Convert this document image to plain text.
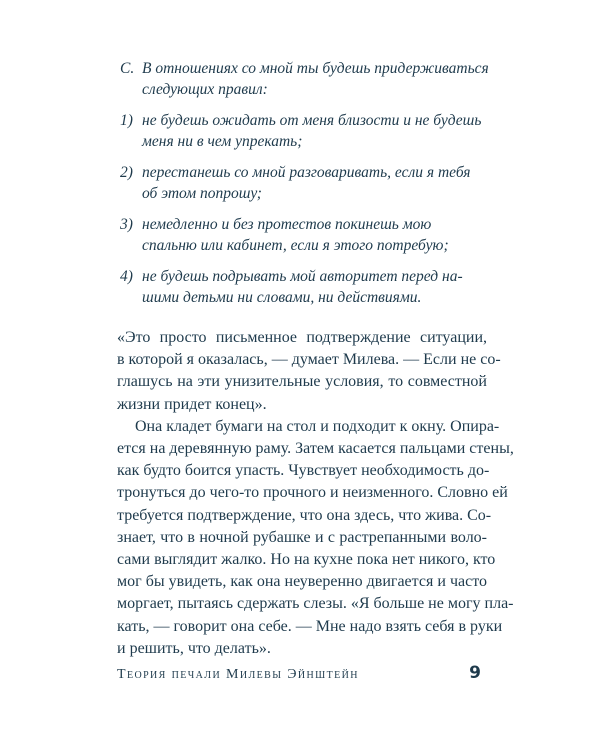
C. В отношениях со мной ты будешь придерживаться
следующих правил:
1) не будешь ожидать от меня близости и не будешь
меня ни в чем упрекать;
2) перестанешь со мной разговаривать, если я тебя
об этом попрошу;
3) немедленно и без протестов покинешь мою
спальню или кабинет, если я этого потребую;
4) не будешь подрывать мой авторитет перед на-
шими детьми ни словами, ни действиями.
«Это просто письменное подтверждение ситуации,
в которой я оказалась, — думает Милева. — Если не со-
глашусь на эти унизительные условия, то совместной
жизни придет конец».
Она кладет бумаги на стол и подходит к окну. Опира-
ется на деревянную раму. Затем касается пальцами стены,
как будто боится упасть. Чувствует необходимость до-
тронуться до чего-то прочного и неизменного. Словно ей
требуется подтверждение, что она здесь, что жива. Со-
знает, что в ночной рубашке и с растрепанными воло-
сами выглядит жалко. Но на кухне пока нет никого, кто
мог бы увидеть, как она неуверенно двигается и часто
моргает, пытаясь сдержать слезы. «Я больше не могу пла-
кать, — говорит она себе. — Мне надо взять себя в руки
и решить, что делать».
Теория печали Милевы Эйнштейн	9
